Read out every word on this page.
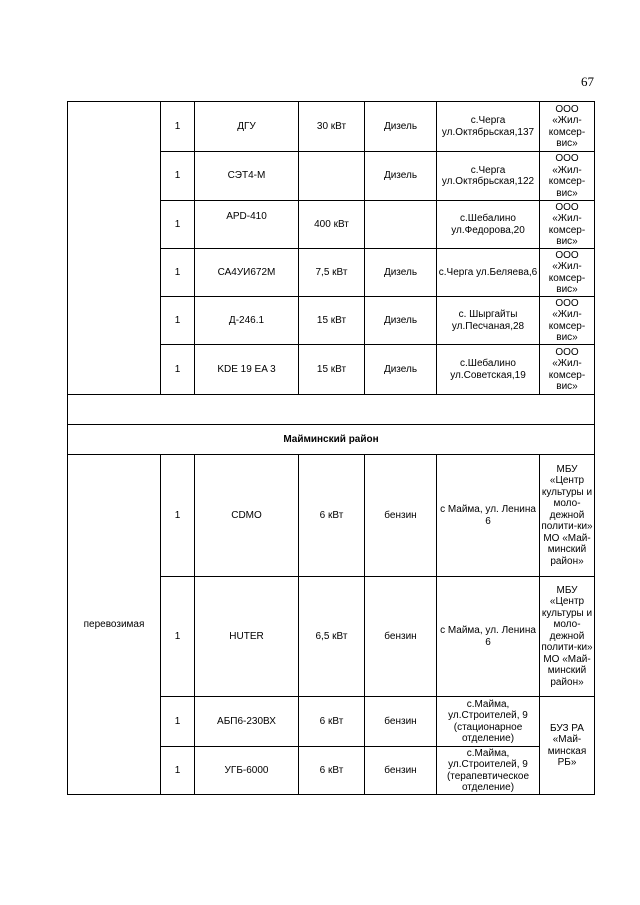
67
	1	ДГУ	30 кВт	Дизель	с.Черга ул.Октябрьская,137	ООО «Жил-комсер-вис»
	1	СЭТ4-М		Дизель	с.Черга ул.Октябрьская,122	ООО «Жил-комсер-вис»
	1	APD-410	400 кВт		с.Шебалино ул.Федорова,20	ООО «Жил-комсер-вис»
	1	СА4УИ672М	7,5 кВт	Дизель	с.Черга ул.Беляева,6	ООО «Жил-комсер-вис»
	1	Д-246.1	15 кВт	Дизель	с. Шыргайты ул.Песчаная,28	ООО «Жил-комсер-вис»
	1	KDE 19 EA 3	15 кВт	Дизель	с.Шебалино ул.Советская,19	ООО «Жил-комсер-вис»

Майминский район						
перевозимая	1	CDMO	6 кВт	бензин	с Майма, ул. Ленина 6	МБУ «Центр культуры и моло-дежной полити-ки» МО «Май-минский район»
	1	HUTER	6,5 кВт	бензин	с Майма, ул. Ленина 6	МБУ «Центр культуры и моло-дежной полити-ки» МО «Май-минский район»
	1	АБП6-230ВХ	6 кВт	бензин	с.Майма, ул.Строителей, 9 (стационарное отделение)	БУЗ РА «Май-минская РБ»
	1	УГБ-6000	6 кВт	бензин	с.Майма, ул.Строителей, 9 (терапевтическое отделение)	
